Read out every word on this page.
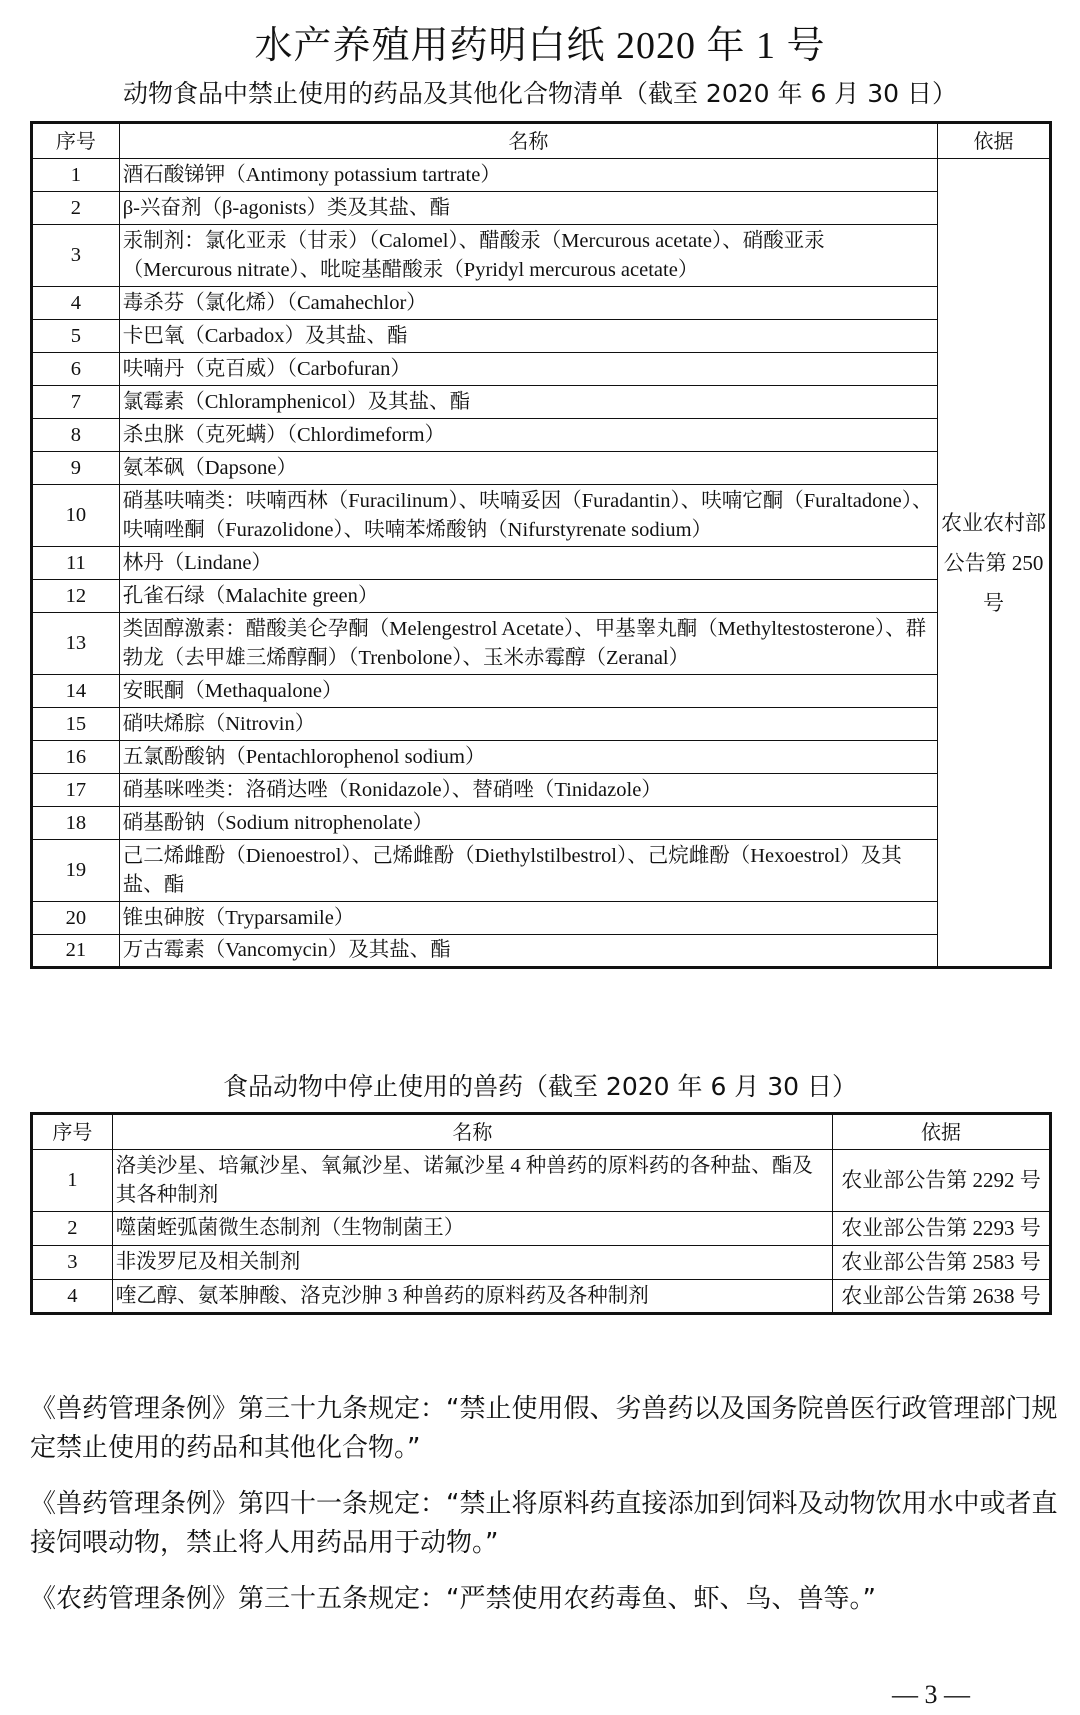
水产养殖用药明白纸 2020 年 1 号
动物食品中禁止使用的药品及其他化合物清单（截至 2020 年 6 月 30 日）
序号	名称	依据
1	酒石酸锑钾（Antimony potassium tartrate）	农业农村部公告第 250 号
2	β-兴奋剂（β-agonists）类及其盐、酯	
3	汞制剂：氯化亚汞（甘汞）（Calomel）、醋酸汞（Mercurous acetate）、硝酸亚汞（Mercurous nitrate）、吡啶基醋酸汞（Pyridyl mercurous acetate）	
4	毒杀芬（氯化烯）（Camahechlor）	
5	卡巴氧（Carbadox）及其盐、酯	
6	呋喃丹（克百威）（Carbofuran）	
7	氯霉素（Chloramphenicol）及其盐、酯	
8	杀虫脒（克死螨）（Chlordimeform）	
9	氨苯砜（Dapsone）	
10	硝基呋喃类：呋喃西林（Furacilinum）、呋喃妥因（Furadantin）、呋喃它酮（Furaltadone）、呋喃唑酮（Furazolidone）、呋喃苯烯酸钠（Nifurstyrenate sodium）	
11	林丹（Lindane）	
12	孔雀石绿（Malachite green）	
13	类固醇激素：醋酸美仑孕酮（Melengestrol Acetate）、甲基睾丸酮（Methyltestosterone）、群勃龙（去甲雄三烯醇酮）（Trenbolone）、玉米赤霉醇（Zeranal）	
14	安眠酮（Methaqualone）	
15	硝呋烯腙（Nitrovin）	
16	五氯酚酸钠（Pentachlorophenol sodium）	
17	硝基咪唑类：洛硝达唑（Ronidazole）、替硝唑（Tinidazole）	
18	硝基酚钠（Sodium nitrophenolate）	
19	己二烯雌酚（Dienoestrol）、己烯雌酚（Diethylstilbestrol）、己烷雌酚（Hexoestrol）及其盐、酯	
20	锥虫砷胺（Tryparsamile）	
21	万古霉素（Vancomycin）及其盐、酯	
食品动物中停止使用的兽药（截至 2020 年 6 月 30 日）
序号	名称	依据
1	洛美沙星、培氟沙星、氧氟沙星、诺氟沙星 4 种兽药的原料药的各种盐、酯及其各种制剂	农业部公告第 2292 号
2	噬菌蛭弧菌微生态制剂（生物制菌王）	农业部公告第 2293 号
3	非泼罗尼及相关制剂	农业部公告第 2583 号
4	喹乙醇、氨苯胂酸、洛克沙胂 3 种兽药的原料药及各种制剂	农业部公告第 2638 号
《兽药管理条例》第三十九条规定：“禁止使用假、劣兽药以及国务院兽医行政管理部门规定禁止使用的药品和其他化合物。”
《兽药管理条例》第四十一条规定：“禁止将原料药直接添加到饲料及动物饮用水中或者直接饲喂动物，禁止将人用药品用于动物。”
《农药管理条例》第三十五条规定：“严禁使用农药毒鱼、虾、鸟、兽等。”
— 3 —
